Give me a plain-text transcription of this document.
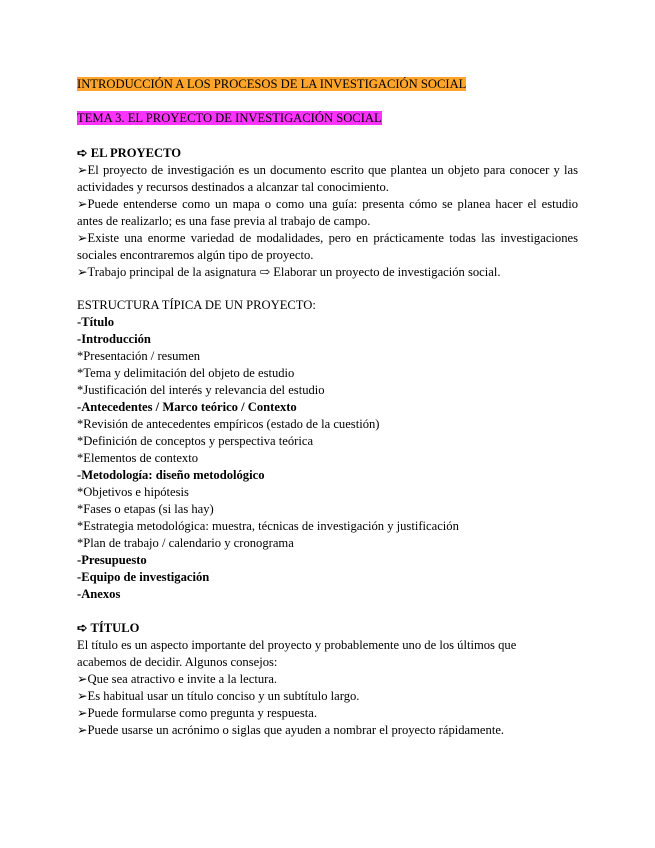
INTRODUCCIÓN A LOS PROCESOS DE LA INVESTIGACIÓN SOCIAL
TEMA 3. EL PROYECTO DE INVESTIGACIÓN SOCIAL
➪ EL PROYECTO
➢El proyecto de investigación es un documento escrito que plantea un objeto para conocer y las
actividades y recursos destinados a alcanzar tal conocimiento.
➢Puede entenderse como un mapa o como una guía: presenta cómo se planea hacer el estudio
antes de realizarlo; es una fase previa al trabajo de campo.
➢Existe una enorme variedad de modalidades, pero en prácticamente todas las investigaciones
sociales encontraremos algún tipo de proyecto.
➢Trabajo principal de la asignatura ⇨ Elaborar un proyecto de investigación social.
ESTRUCTURA TÍPICA DE UN PROYECTO:
-Título
-Introducción
*Presentación / resumen
*Tema y delimitación del objeto de estudio
*Justificación del interés y relevancia del estudio
-Antecedentes / Marco teórico / Contexto
*Revisión de antecedentes empíricos (estado de la cuestión)
*Definición de conceptos y perspectiva teórica
*Elementos de contexto
-Metodología: diseño metodológico
*Objetivos e hipótesis
*Fases o etapas (si las hay)
*Estrategia metodológica: muestra, técnicas de investigación y justificación
*Plan de trabajo / calendario y cronograma
-Presupuesto
-Equipo de investigación
-Anexos
➪ TÍTULO
El título es un aspecto importante del proyecto y probablemente uno de los últimos que
acabemos de decidir. Algunos consejos:
➢Que sea atractivo e invite a la lectura.
➢Es habitual usar un título conciso y un subtítulo largo.
➢Puede formularse como pregunta y respuesta.
➢Puede usarse un acrónimo o siglas que ayuden a nombrar el proyecto rápidamente.
